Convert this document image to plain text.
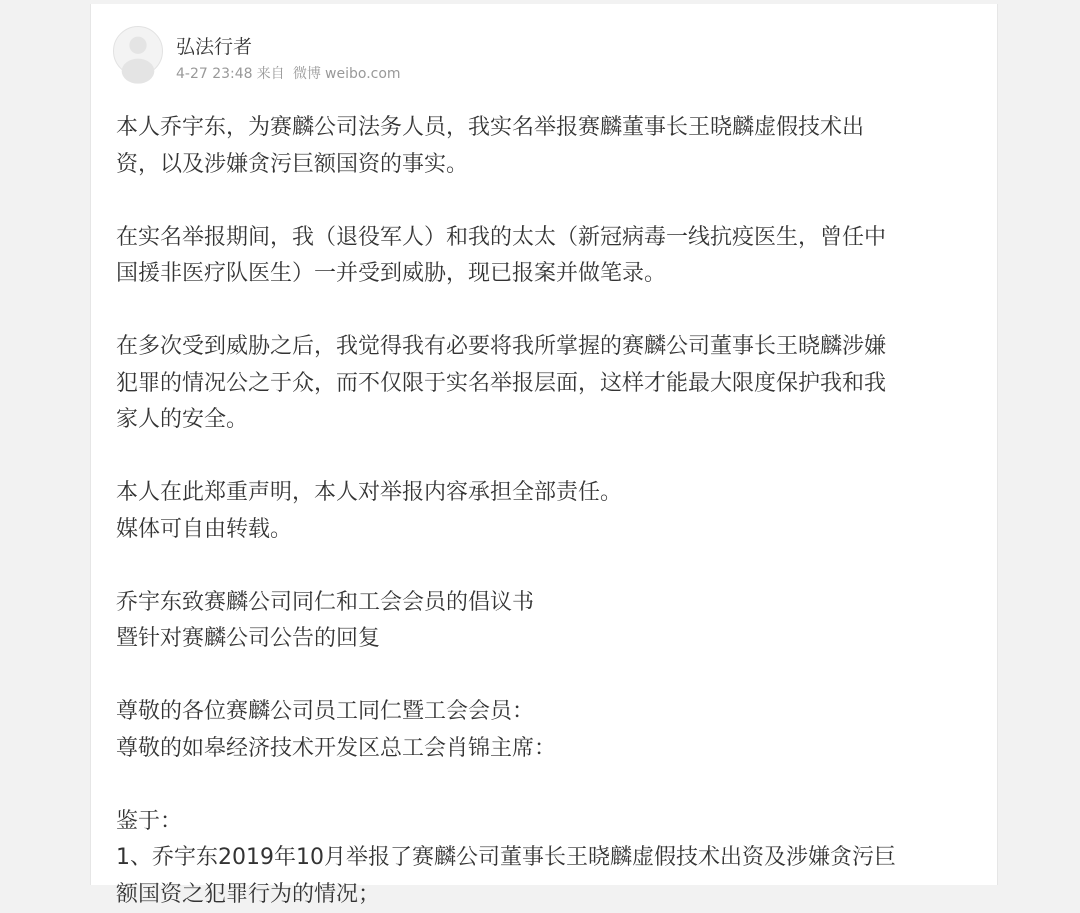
弘法行者
4-27 23:48 来自 微博 weibo.com
本人乔宇东，为赛麟公司法务人员，我实名举报赛麟董事长王晓麟虚假技术出
资，以及涉嫌贪污巨额国资的事实。
在实名举报期间，我（退役军人）和我的太太（新冠病毒一线抗疫医生，曾任中
国援非医疗队医生）一并受到威胁，现已报案并做笔录。
在多次受到威胁之后，我觉得我有必要将我所掌握的赛麟公司董事长王晓麟涉嫌
犯罪的情况公之于众，而不仅限于实名举报层面，这样才能最大限度保护我和我
家人的安全。
本人在此郑重声明，本人对举报内容承担全部责任。
媒体可自由转载。
乔宇东致赛麟公司同仁和工会会员的倡议书
暨针对赛麟公司公告的回复
尊敬的各位赛麟公司员工同仁暨工会会员：
尊敬的如皋经济技术开发区总工会肖锦主席：
鉴于：
1、乔宇东2019年10月举报了赛麟公司董事长王晓麟虚假技术出资及涉嫌贪污巨
额国资之犯罪行为的情况；
